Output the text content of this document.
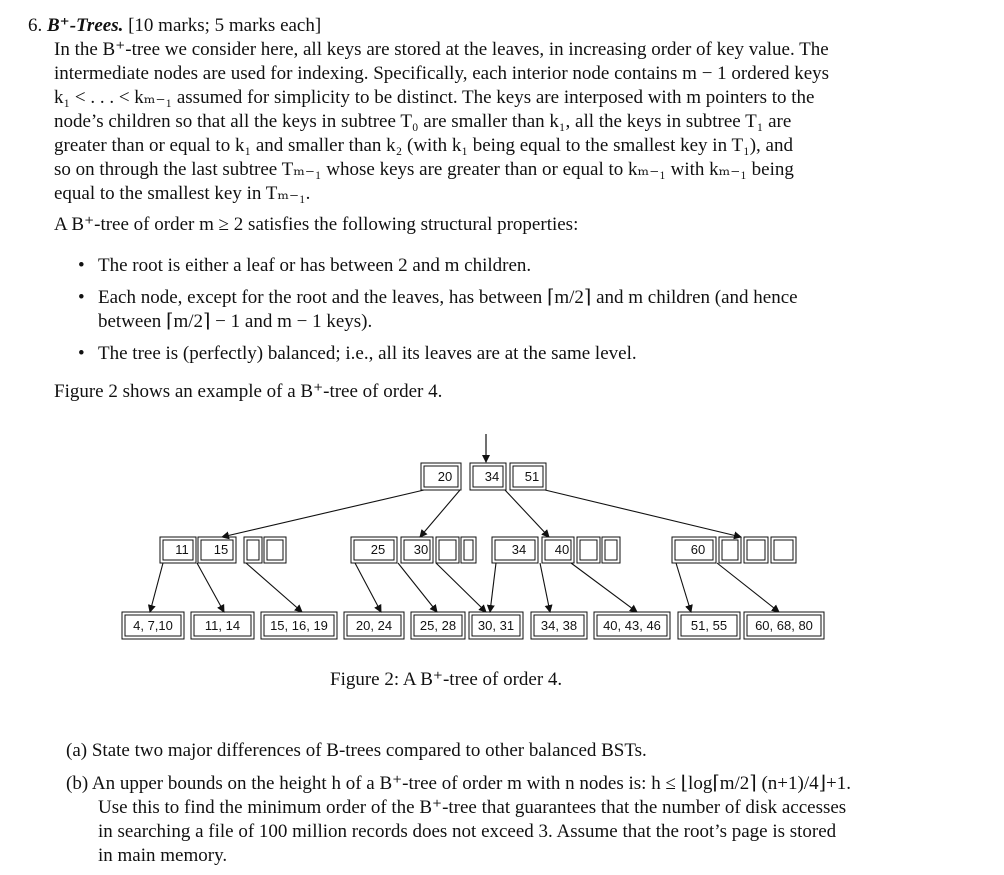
6. B⁺-Trees. [10 marks; 5 marks each]
In the B⁺-tree we consider here, all keys are stored at the leaves, in increasing order of key value. The
intermediate nodes are used for indexing. Specifically, each interior node contains m − 1 ordered keys
k₁ < . . . < kₘ₋₁ assumed for simplicity to be distinct. The keys are interposed with m pointers to the
node’s children so that all the keys in subtree T₀ are smaller than k₁, all the keys in subtree T₁ are
greater than or equal to k₁ and smaller than k₂ (with k₁ being equal to the smallest key in T₁), and
so on through the last subtree Tₘ₋₁ whose keys are greater than or equal to kₘ₋₁ with kₘ₋₁ being
equal to the smallest key in Tₘ₋₁.
A B⁺-tree of order m ≥ 2 satisfies the following structural properties:
• The root is either a leaf or has between 2 and m children.
• Each node, except for the root and the leaves, has between ⌈m/2⌉ and m children (and hence
between ⌈m/2⌉ − 1 and m − 1 keys).
• The tree is (perfectly) balanced; i.e., all its leaves are at the same level.
Figure 2 shows an example of a B⁺-tree of order 4.
20	34 51
11 15	25 30	34 40	60
4, 7,10 11, 14 15, 16, 19 20, 24 25, 28 30, 31 34, 38 40, 43, 46 51, 55 60, 68, 80
Figure 2: A B⁺-tree of order 4.
(a) State two major differences of B-trees compared to other balanced BSTs.
(b) An upper bounds on the height h of a B⁺-tree of order m with n nodes is: h ≤ ⌊log⌈m/2⌉ (n+1)/4⌋+1.
Use this to find the minimum order of the B⁺-tree that guarantees that the number of disk accesses
in searching a file of 100 million records does not exceed 3. Assume that the root’s page is stored
in main memory.
